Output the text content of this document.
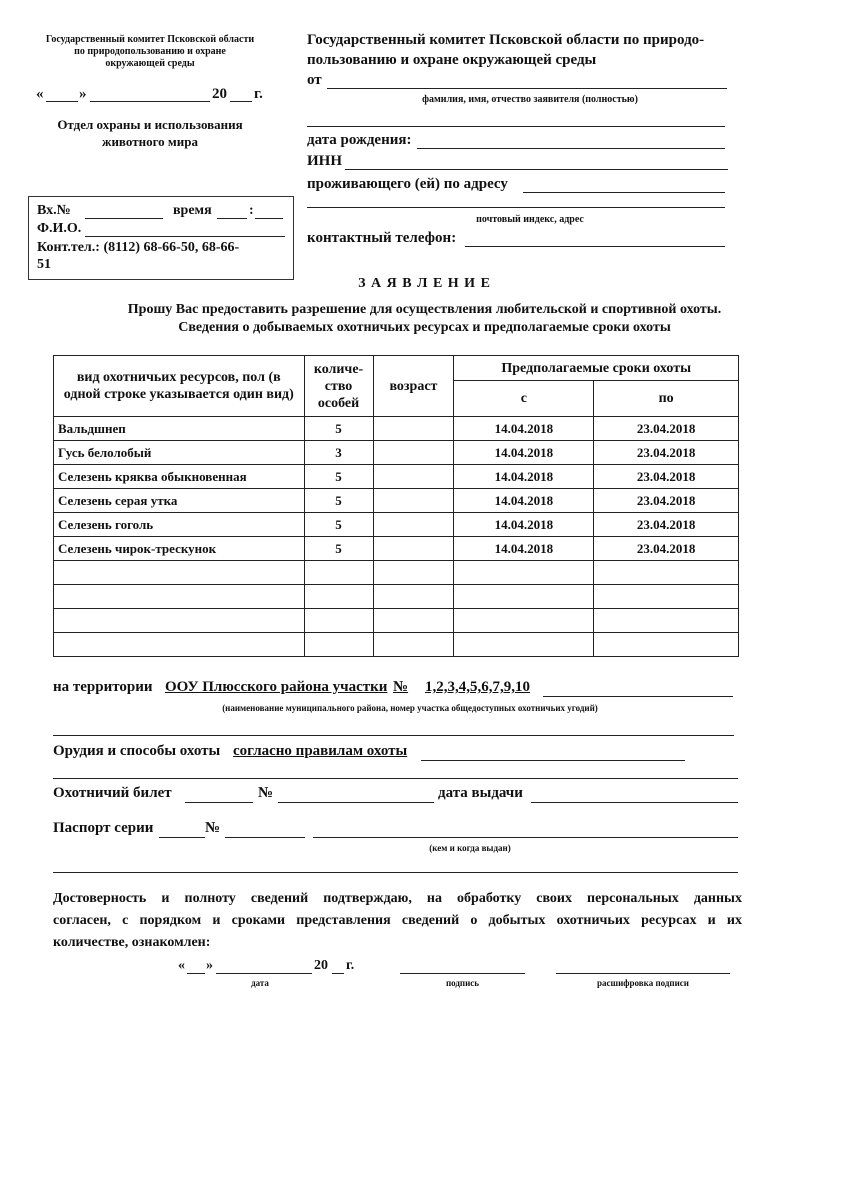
Государственный комитет Псковской области
по природопользованию и охране
окружающей среды
« »	20 г.
Отдел охраны и использования
животного мира
Вх.№	время	:
Ф.И.О.
Конт.тел.: (8112) 68-66-50, 68-66-
51
Государственный комитет Псковской области по природо-
пользованию и охране окружающей среды
от
фамилия, имя, отчество заявителя (полностью)
дата рождения:
ИНН
проживающего (ей) по адресу
почтовый индекс, адрес
контактный телефон:
З А Я В Л Е Н И Е
Прошу Вас предоставить разрешение для осуществления любительской и спортивной охоты.
Сведения о добываемых охотничьих ресурсах и предполагаемые сроки охоты
вид охотничьих ресурсов, пол (в одной строке указывается один вид)	количе-ство особей	возраст	Предполагаемые сроки охоты	
			с	по
Вальдшнеп	5		14.04.2018	23.04.2018
Гусь белолобый	3		14.04.2018	23.04.2018
Селезень кряква обыкновенная	5		14.04.2018	23.04.2018
Селезень серая утка	5		14.04.2018	23.04.2018
Селезень гоголь	5		14.04.2018	23.04.2018
Селезень чирок-трескунок	5		14.04.2018	23.04.2018

на территории ООУ Плюсского района участки № 1,2,3,4,5,6,7,9,10
(наименование муниципального района, номер участка общедоступных охотничьих угодий)
Орудия и способы охоты согласно правилам охоты
Охотничий билет	№	дата выдачи
Паспорт серии	№
(кем и когда выдан)
Достоверность и полноту сведений подтверждаю, на обработку своих персональных данных
согласен, с порядком и сроками представления сведений о добытых охотничьих ресурсах и их
количестве, ознакомлен:
« »	20 г.
дата	подпись	расшифровка подписи
